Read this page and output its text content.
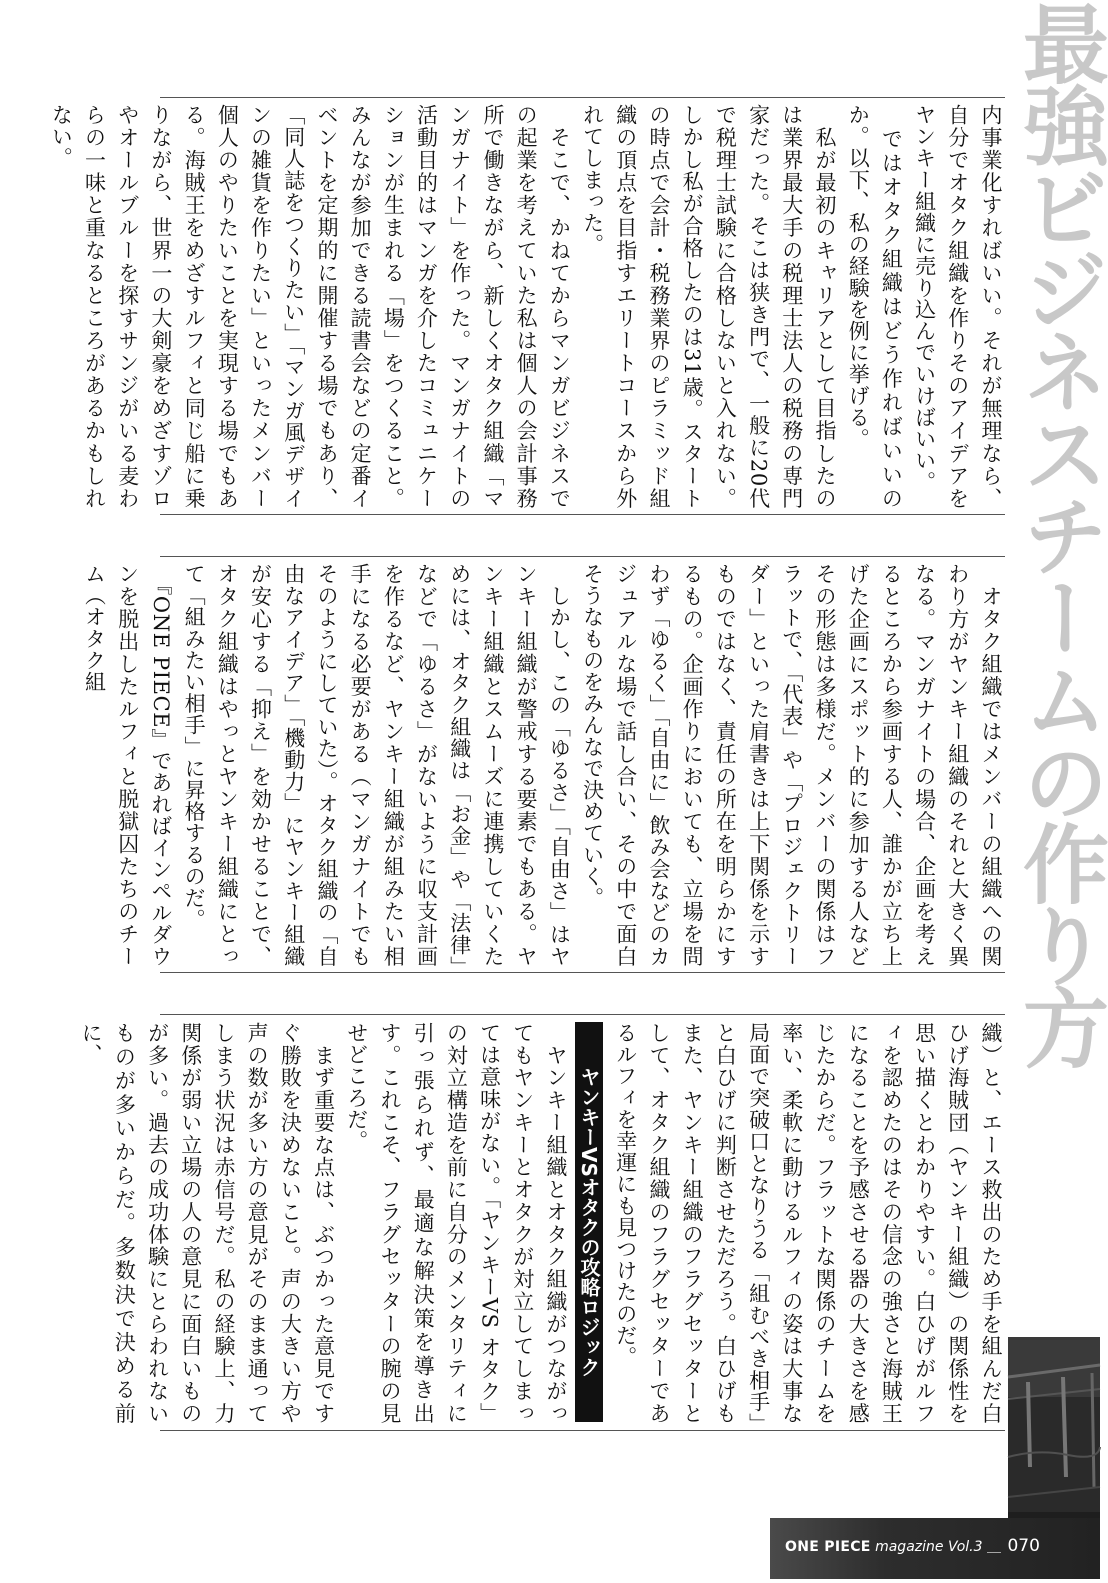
最強ビジネスチームの作り方

内事業化すればいい。それが無理なら、自分でオタク組織を作りそのアイデアをヤンキー組織に売り込んでいけばいい。

　ではオタク組織はどう作ればいいのか。以下、私の経験を例に挙げる。

　私が最初のキャリアとして目指したのは業界最大手の税理士法人の税務の専門家だった。そこは狭き門で、一般に20代で税理士試験に合格しないと入れない。しかし私が合格したのは31歳。スタートの時点で会計・税務業界のピラミッド組織の頂点を目指すエリートコースから外れてしまった。

　そこで、かねてからマンガビジネスでの起業を考えていた私は個人の会計事務所で働きながら、新しくオタク組織「マンガナイト」を作った。マンガナイトの活動目的はマンガを介したコミュニケーションが生まれる「場」をつくること。みんなが参加できる読書会などの定番イベントを定期的に開催する場でもあり、「同人誌をつくりたい」「マンガ風デザインの雑貨を作りたい」といったメンバー個人のやりたいことを実現する場でもある。海賊王をめざすルフィと同じ船に乗りながら、世界一の大剣豪をめざすゾロやオールブルーを探すサンジがいる麦わらの一味と重なるところがあるかもしれない。

　オタク組織ではメンバーの組織への関わり方がヤンキー組織のそれと大きく異なる。マンガナイトの場合、企画を考えるところから参画する人、誰かが立ち上げた企画にスポット的に参加する人などその形態は多様だ。メンバーの関係はフラットで、「代表」や「プロジェクトリーダー」といった肩書きは上下関係を示すものではなく、責任の所在を明らかにするもの。企画作りにおいても、立場を問わず「ゆるく」「自由に」飲み会などのカジュアルな場で話し合い、その中で面白そうなものをみんなで決めていく。

　しかし、この「ゆるさ」「自由さ」はヤンキー組織が警戒する要素でもある。ヤンキー組織とスムーズに連携していくためには、オタク組織は「お金」や「法律」などで「ゆるさ」がないように収支計画を作るなど、ヤンキー組織が組みたい相手になる必要がある（マンガナイトでもそのようにしていた）。オタク組織の「自由なアイデア」「機動力」にヤンキー組織が安心する「抑え」を効かせることで、オタク組織はやっとヤンキー組織にとって「組みたい相手」に昇格するのだ。

　『ONE PIECE』であればインペルダウンを脱出したルフィと脱獄囚たちのチーム（オタク組

織）と、エース救出のため手を組んだ白ひげ海賊団（ヤンキー組織）の関係性を思い描くとわかりやすい。白ひげがルフィを認めたのはその信念の強さと海賊王になることを予感させる器の大きさを感じたからだ。フラットな関係のチームを率い、柔軟に動けるルフィの姿は大事な局面で突破口となりうる「組むべき相手」と白ひげに判断させただろう。白ひげもまた、ヤンキー組織のフラグセッターとして、オタク組織のフラグセッターであるルフィを幸運にも見つけたのだ。

ヤンキーVSオタクの攻略ロジック

　ヤンキー組織とオタク組織がつながってもヤンキーとオタクが対立してしまっては意味がない。「ヤンキーVS オタク」の対立構造を前に自分のメンタリティに引っ張られず、最適な解決策を導き出す。これこそ、フラグセッターの腕の見せどころだ。

　まず重要な点は、ぶつかった意見ですぐ勝敗を決めないこと。声の大きい方や声の数が多い方の意見がそのまま通ってしまう状況は赤信号だ。私の経験上、力関係が弱い立場の人の意見に面白いものが多い。過去の成功体験にとらわれないものが多いからだ。多数決で決める前に、

ONE PIECE magazine Vol.3 ＿ 070
